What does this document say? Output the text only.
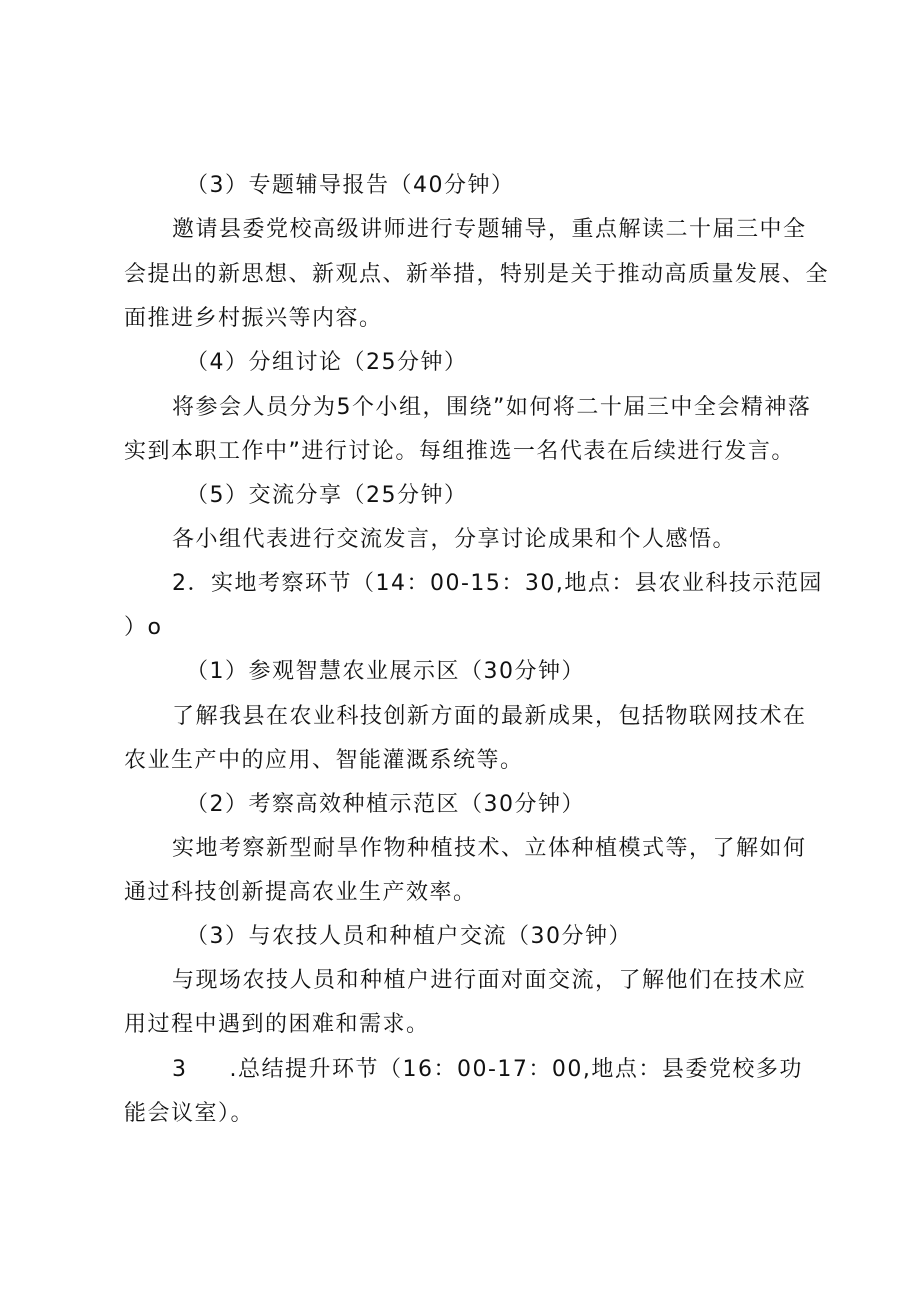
（3）专题辅导报告（40分钟）
邀请县委党校高级讲师进行专题辅导，重点解读二十届三中全
会提出的新思想、新观点、新举措，特别是关于推动高质量发展、全
面推进乡村振兴等内容。
（4）分组讨论（25分钟）
将参会人员分为5个小组，围绕”如何将二十届三中全会精神落
实到本职工作中”进行讨论。每组推选一名代表在后续进行发言。
（5）交流分享（25分钟）
各小组代表进行交流发言，分享讨论成果和个人感悟。
2．实地考察环节（14：00-15：30,地点：县农业科技示范园
）o
（1）参观智慧农业展示区（30分钟）
了解我县在农业科技创新方面的最新成果，包括物联网技术在
农业生产中的应用、智能灌溉系统等。
（2）考察高效种植示范区（30分钟）
实地考察新型耐旱作物种植技术、立体种植模式等，了解如何
通过科技创新提高农业生产效率。
（3）与农技人员和种植户交流（30分钟）
与现场农技人员和种植户进行面对面交流，了解他们在技术应
用过程中遇到的困难和需求。
3 .总结提升环节（16：00-17：00,地点：县委党校多功
能会议室）。
